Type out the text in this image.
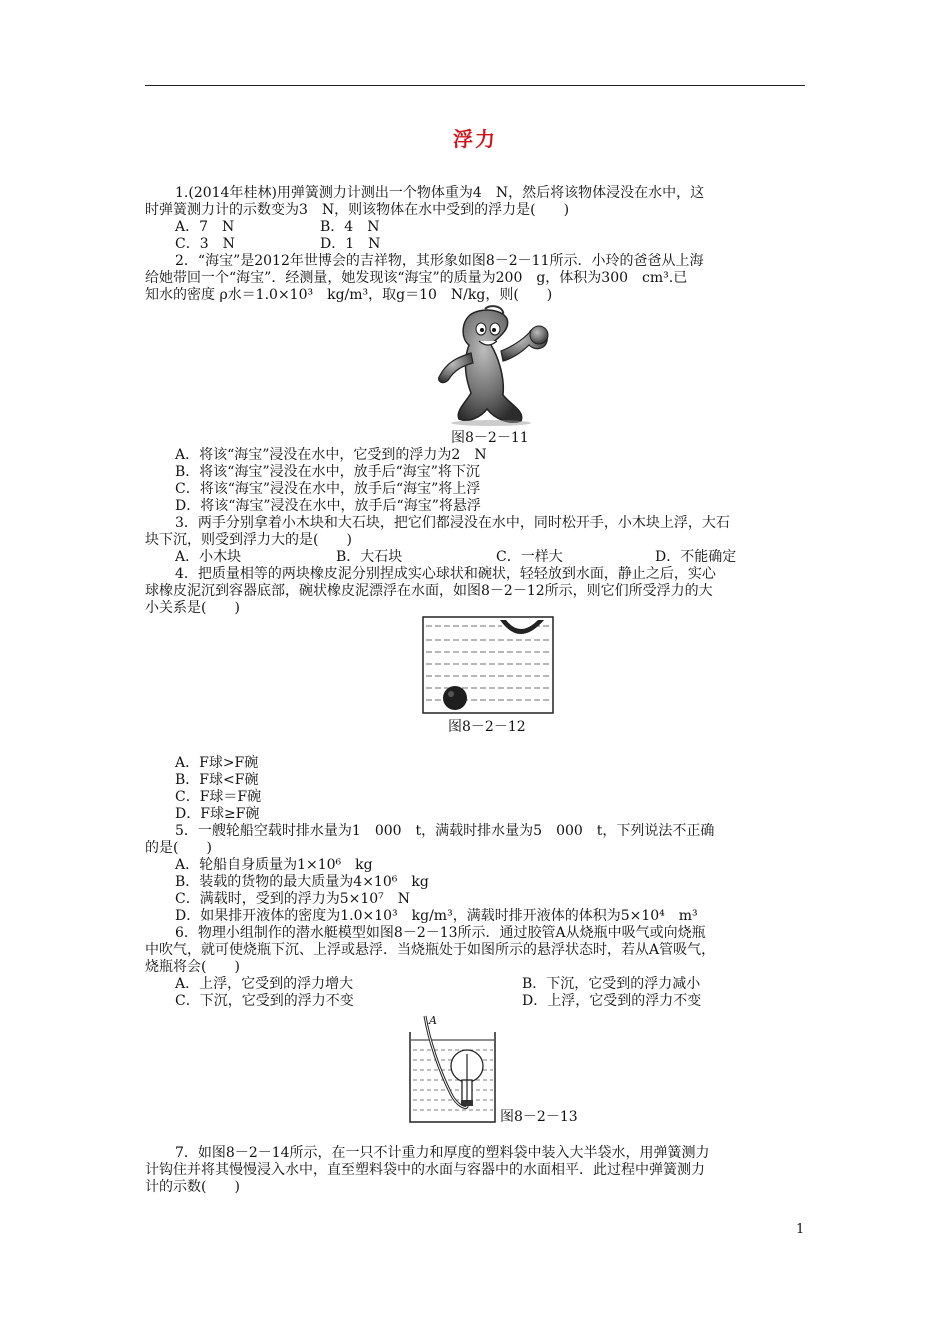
浮力
1.(2014年桂林)用弹簧测力计测出一个物体重为4　N，然后将该物体浸没在水中，这
时弹簧测力计的示数变为3　N，则该物体在水中受到的浮力是(　　)
A．7　N	B．4　N
C．3　N	D．1　N
2．“海宝”是2012年世博会的吉祥物，其形象如图8－2－11所示．小玲的爸爸从上海
给她带回一个“海宝”．经测量，她发现该“海宝”的质量为200　g，体积为300　cm³.已
知水的密度 ρ水＝1.0×10³　kg/m³，取g＝10　N/kg，则(　　)
图8－2－11
A．将该“海宝”浸没在水中，它受到的浮力为2　N
B．将该“海宝”浸没在水中，放手后“海宝”将下沉
C．将该“海宝”浸没在水中，放手后“海宝”将上浮
D．将该“海宝”浸没在水中，放手后“海宝”将悬浮
3．两手分别拿着小木块和大石块，把它们都浸没在水中，同时松开手，小木块上浮，大石
块下沉，则受到浮力大的是(　　)
A．小木块	B．大石块	C．一样大	D．不能确定
4．把质量相等的两块橡皮泥分别捏成实心球状和碗状，轻轻放到水面，静止之后，实心
球橡皮泥沉到容器底部，碗状橡皮泥漂浮在水面，如图8－2－12所示，则它们所受浮力的大
小关系是(　　)
图8－2－12
A．F球>F碗
B．F球<F碗
C．F球＝F碗
D．F球≥F碗
5．一艘轮船空载时排水量为1　000　t，满载时排水量为5　000　t，下列说法不正确
的是(　　)
A．轮船自身质量为1×10⁶　kg
B．装载的货物的最大质量为4×10⁶　kg
C．满载时，受到的浮力为5×10⁷　N
D．如果排开液体的密度为1.0×10³　kg/m³，满载时排开液体的体积为5×10⁴　m³
6．物理小组制作的潜水艇模型如图8－2－13所示．通过胶管A从烧瓶中吸气或向烧瓶
中吹气，就可使烧瓶下沉、上浮或悬浮．当烧瓶处于如图所示的悬浮状态时，若从A管吸气，
烧瓶将会(　　)
A．上浮，它受到的浮力增大	B．下沉，它受到的浮力减小
C．下沉，它受到的浮力不变	D．上浮，它受到的浮力不变
A
图8－2－13
7．如图8－2－14所示，在一只不计重力和厚度的塑料袋中装入大半袋水，用弹簧测力
计钩住并将其慢慢浸入水中，直至塑料袋中的水面与容器中的水面相平．此过程中弹簧测力
计的示数(　　)
1
